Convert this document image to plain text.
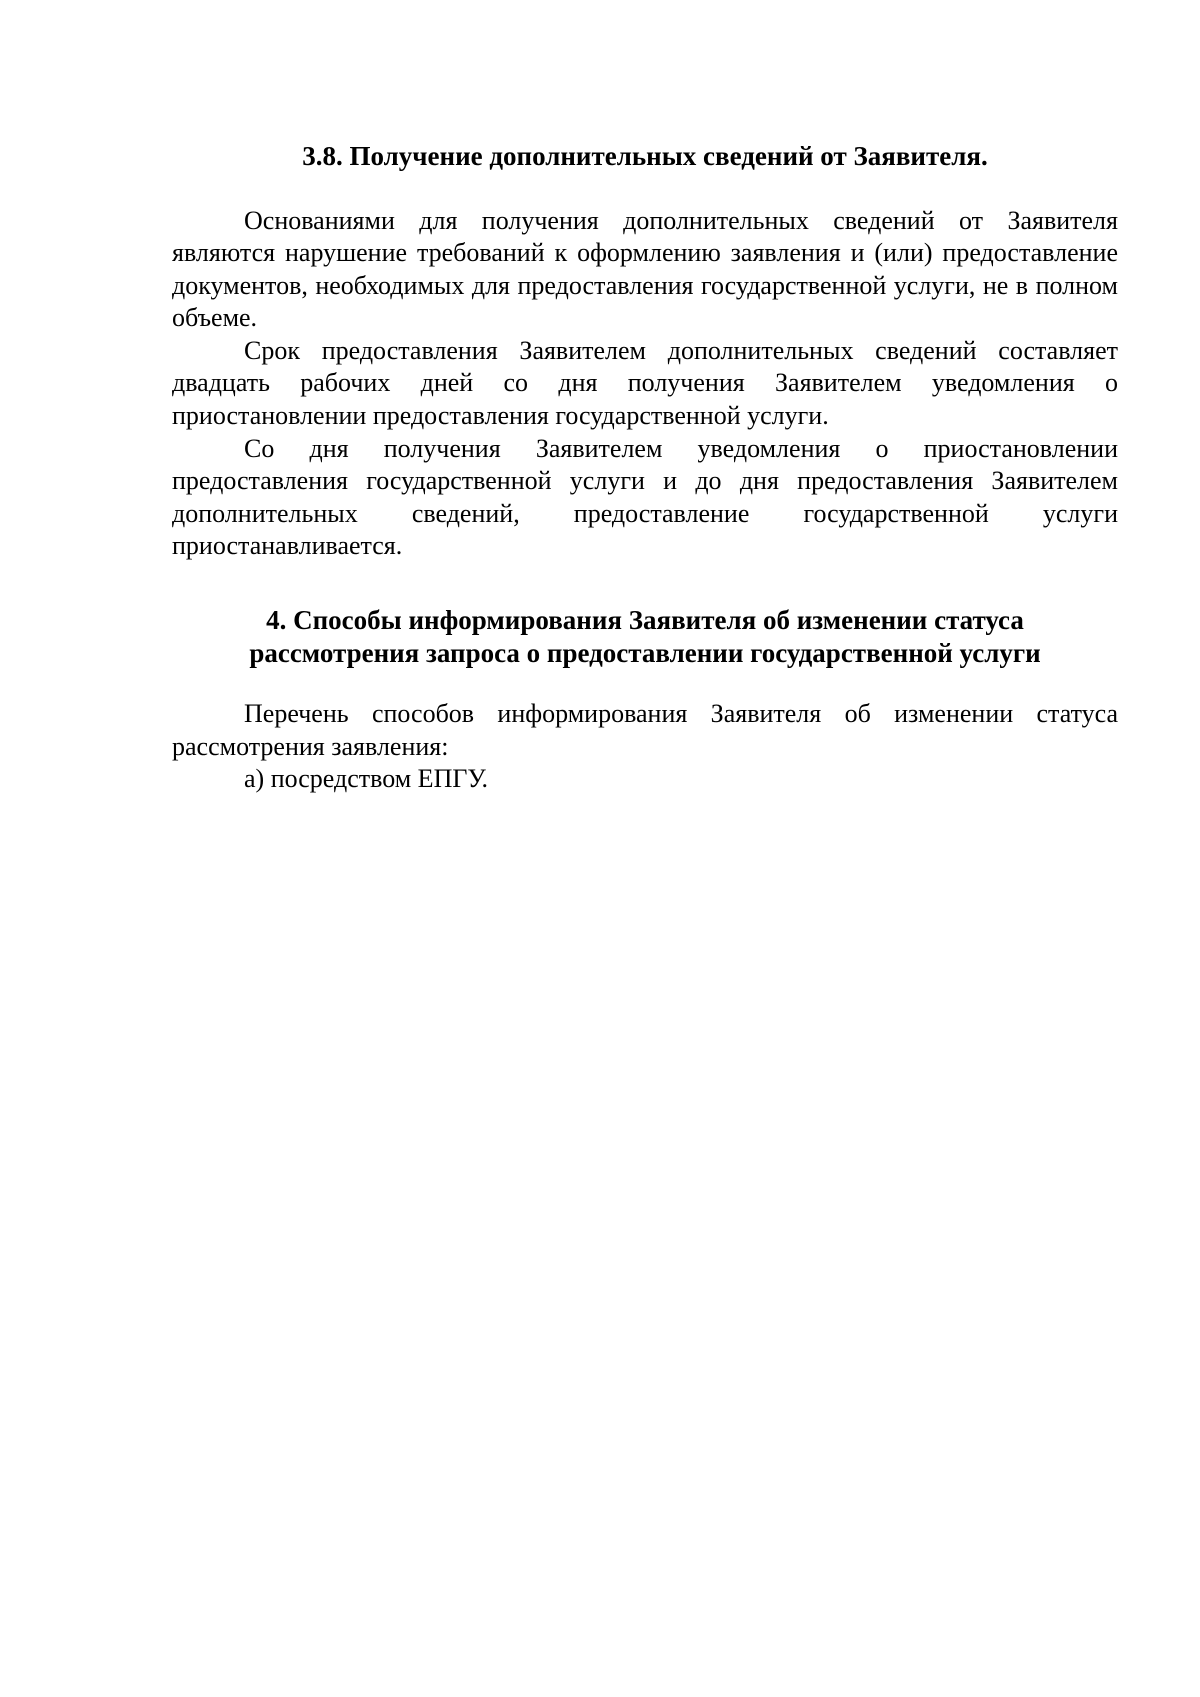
3.8. Получение дополнительных сведений от Заявителя.

Основаниями для получения дополнительных сведений от Заявителя являются нарушение требований к оформлению заявления и (или) предоставление документов, необходимых для предоставления государственной услуги, не в полном объеме.

Срок предоставления Заявителем дополнительных сведений составляет двадцать рабочих дней со дня получения Заявителем уведомления о приостановлении предоставления государственной услуги.

Со дня получения Заявителем уведомления о приостановлении предоставления государственной услуги и до дня предоставления Заявителем дополнительных сведений, предоставление государственной услуги приостанавливается.

4. Способы информирования Заявителя об изменении статуса
рассмотрения запроса о предоставлении государственной услуги

Перечень способов информирования Заявителя об изменении статуса рассмотрения заявления:

а) посредством ЕПГУ.
